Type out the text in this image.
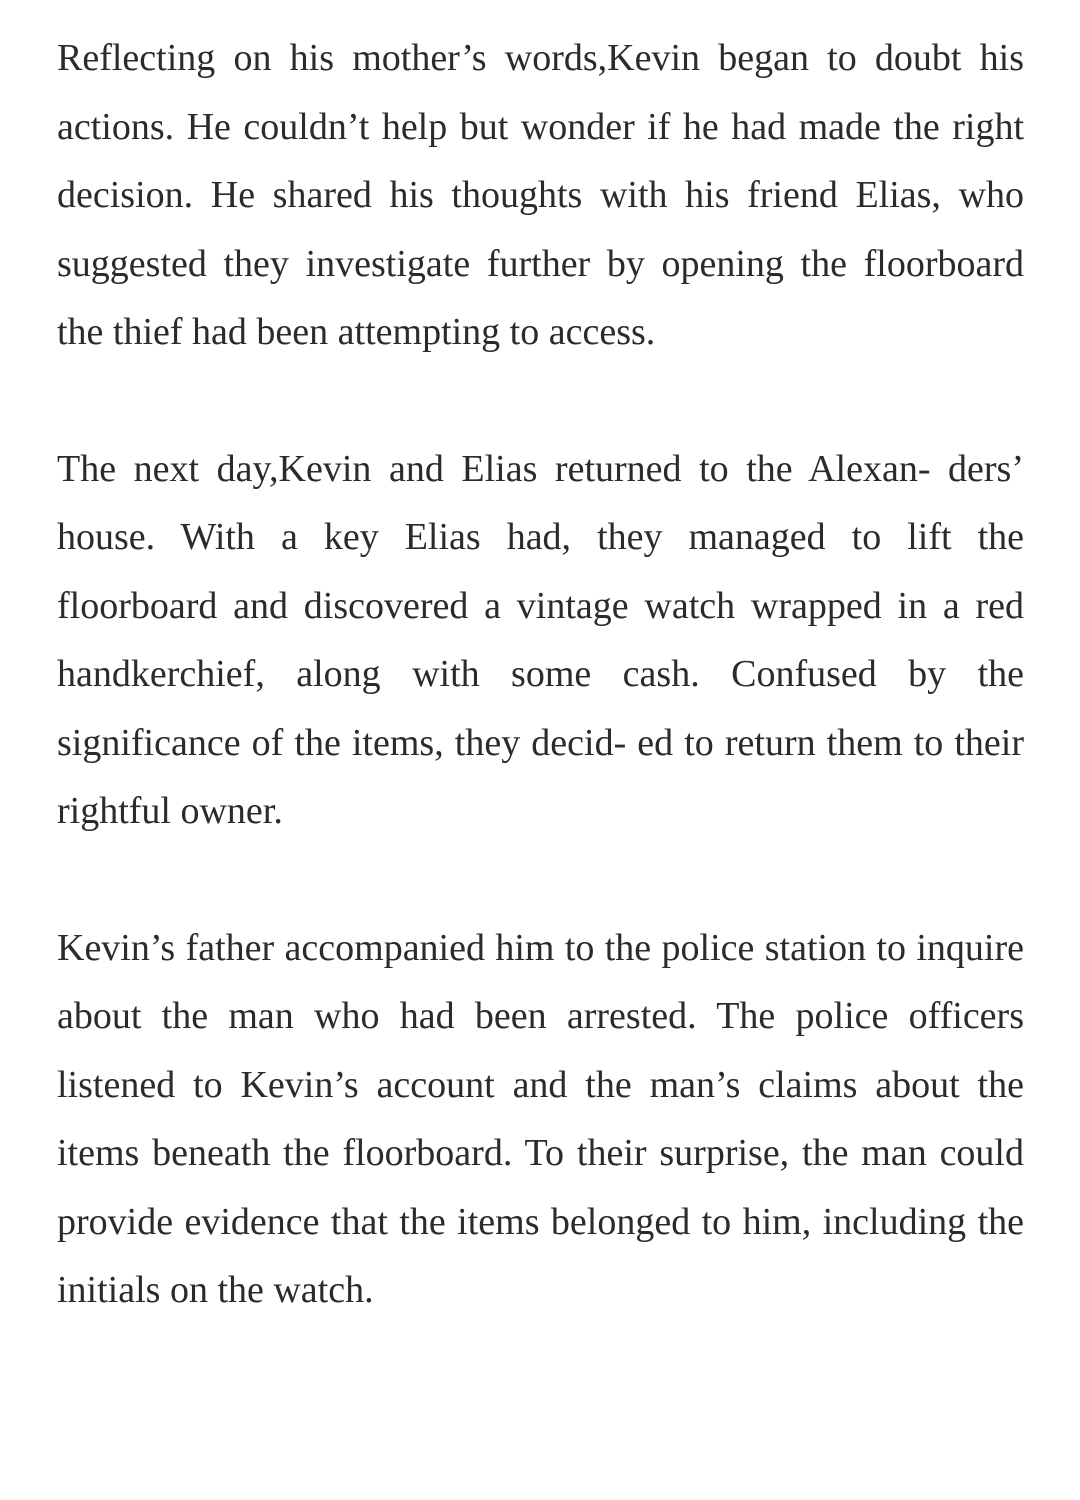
Reflecting on his mother’s words,Kevin began to doubt his actions. He couldn’t help but wonder if he had made the right decision. He shared his thoughts with his friend Elias, who suggested they investigate further by opening the floorboard the thief had been attempting to access.

The next day,Kevin and Elias returned to the Alexan- ders’ house. With a key Elias had, they managed to lift the floorboard and discovered a vintage watch wrapped in a red handkerchief, along with some cash. Confused by the significance of the items, they decid- ed to return them to their rightful owner.

Kevin’s father accompanied him to the police station to inquire about the man who had been arrested. The police officers listened to Kevin’s account and the man’s claims about the items beneath the floorboard. To their surprise, the man could provide evidence that the items belonged to him, including the initials on the watch.
